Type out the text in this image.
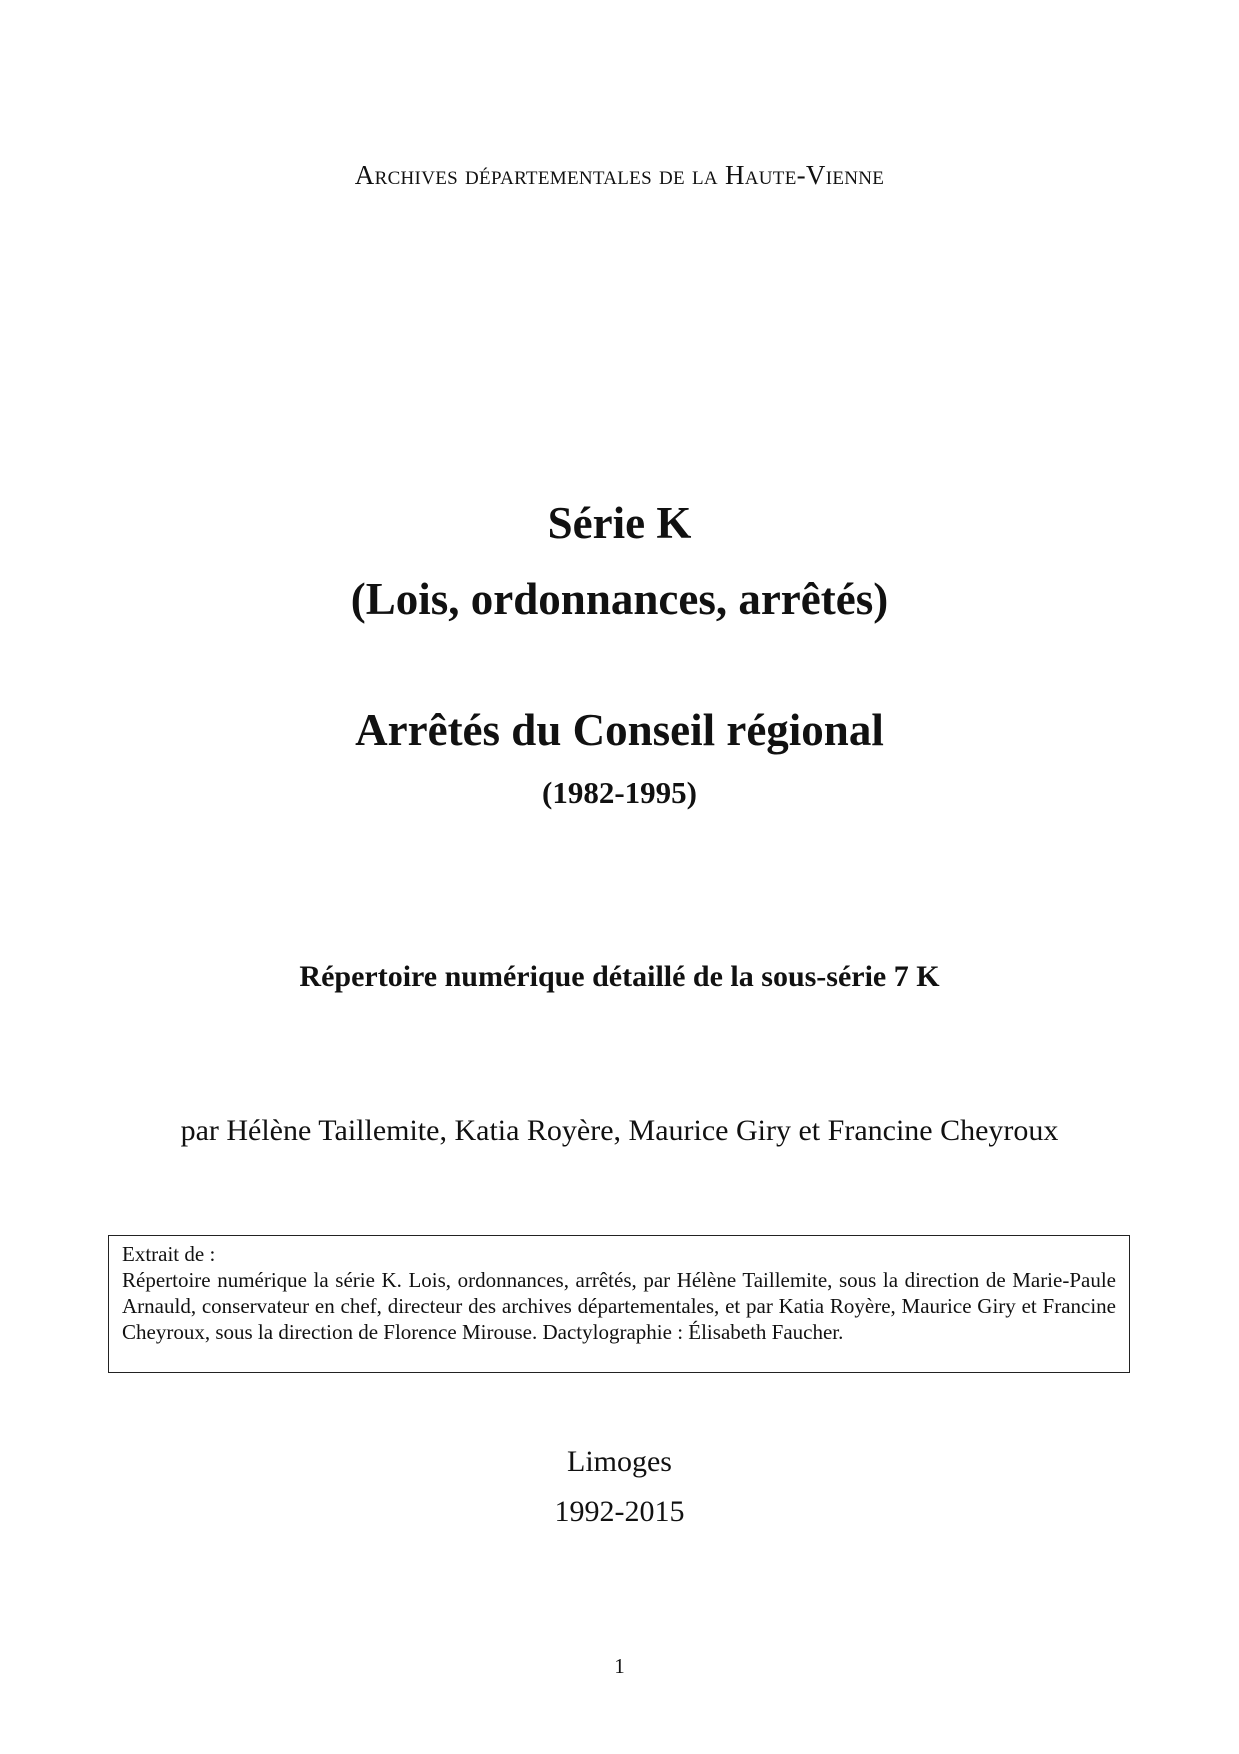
Archives départementales de la Haute-Vienne
Série K
(Lois, ordonnances, arrêtés)
Arrêtés du Conseil régional
(1982-1995)
Répertoire numérique détaillé de la sous-série 7 K
par Hélène Taillemite, Katia Royère, Maurice Giry et Francine Cheyroux
Extrait de :
Répertoire numérique la série K. Lois, ordonnances, arrêtés, par Hélène Taillemite, sous la direction de Marie-Paule Arnauld, conservateur en chef, directeur des archives départementales, et par Katia Royère, Maurice Giry et Francine Cheyroux, sous la direction de Florence Mirouse. Dactylographie : Élisabeth Faucher.
Limoges
1992-2015
1
